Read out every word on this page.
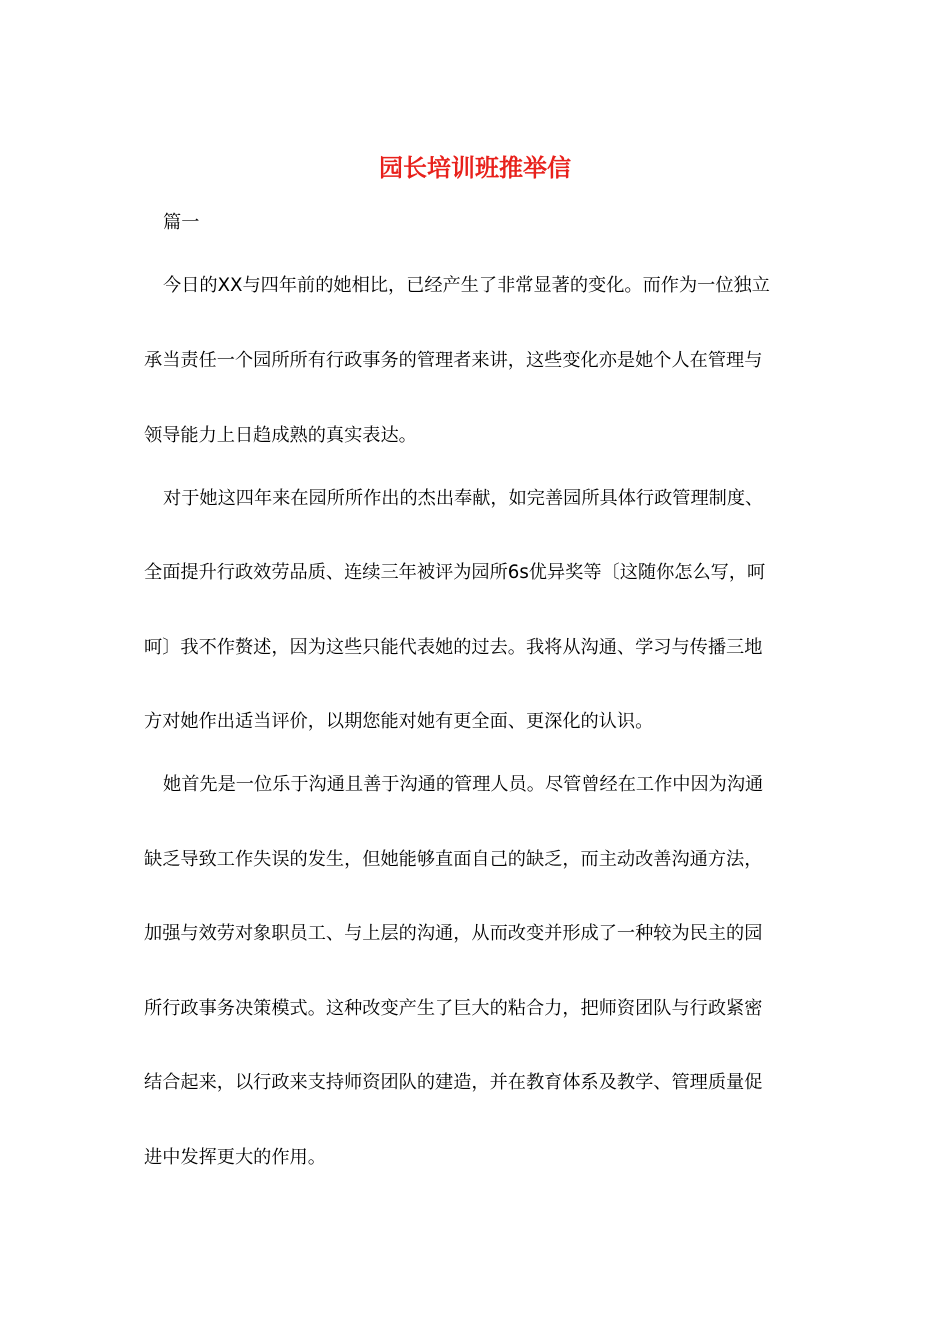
园长培训班推举信
篇一
今日的XX与四年前的她相比，已经产生了非常显著的变化。而作为一位独立
承当责任一个园所所有行政事务的管理者来讲，这些变化亦是她个人在管理与
领导能力上日趋成熟的真实表达。
对于她这四年来在园所所作出的杰出奉献，如完善园所具体行政管理制度、
全面提升行政效劳品质、连续三年被评为园所6s优异奖等〔这随你怎么写，呵
呵〕我不作赘述，因为这些只能代表她的过去。我将从沟通、学习与传播三地
方对她作出适当评价，以期您能对她有更全面、更深化的认识。
她首先是一位乐于沟通且善于沟通的管理人员。尽管曾经在工作中因为沟通
缺乏导致工作失误的发生，但她能够直面自己的缺乏，而主动改善沟通方法，
加强与效劳对象职员工、与上层的沟通，从而改变并形成了一种较为民主的园
所行政事务决策模式。这种改变产生了巨大的粘合力，把师资团队与行政紧密
结合起来，以行政来支持师资团队的建造，并在教育体系及教学、管理质量促
进中发挥更大的作用。
